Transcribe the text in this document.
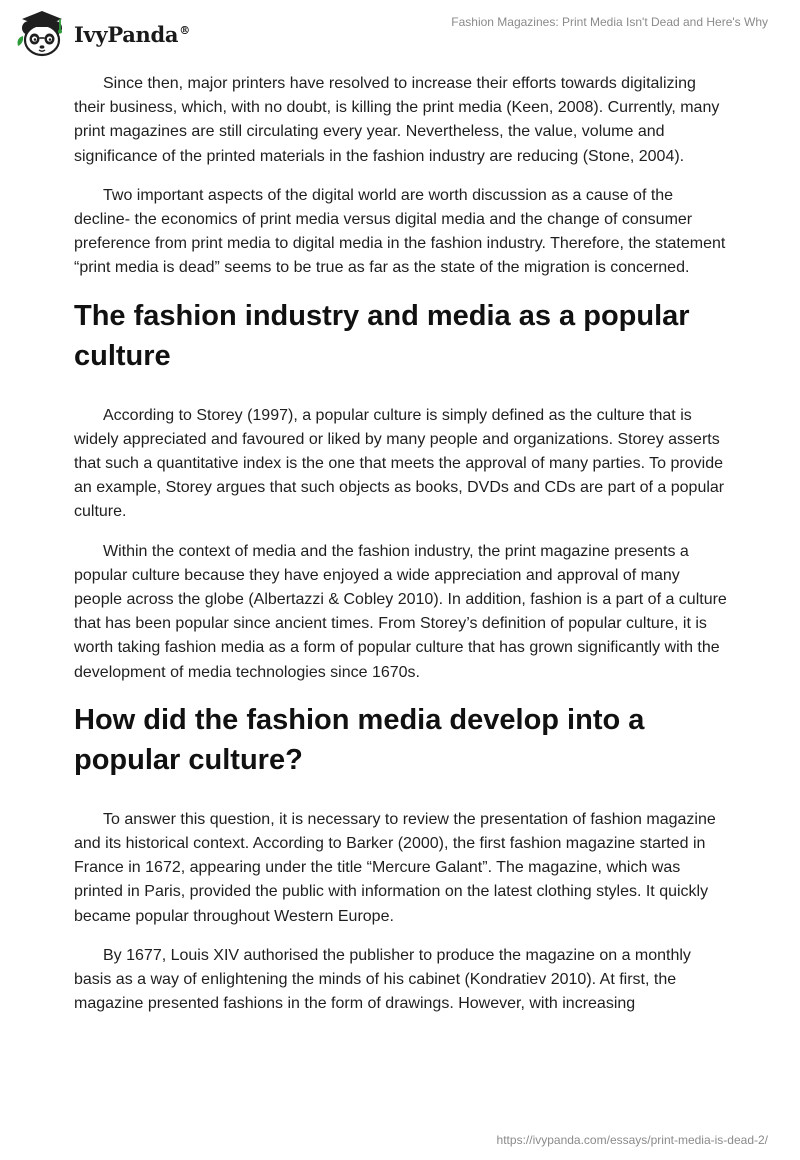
IvyPanda®
Fashion Magazines: Print Media Isn't Dead and Here's Why

Since then, major printers have resolved to increase their efforts towards digitalizing their business, which, with no doubt, is killing the print media (Keen, 2008). Currently, many print magazines are still circulating every year. Nevertheless, the value, volume and significance of the printed materials in the fashion industry are reducing (Stone, 2004).

Two important aspects of the digital world are worth discussion as a cause of the decline- the economics of print media versus digital media and the change of consumer preference from print media to digital media in the fashion industry. Therefore, the statement “print media is dead” seems to be true as far as the state of the migration is concerned.

The fashion industry and media as a popular culture

According to Storey (1997), a popular culture is simply defined as the culture that is widely appreciated and favoured or liked by many people and organizations. Storey asserts that such a quantitative index is the one that meets the approval of many parties. To provide an example, Storey argues that such objects as books, DVDs and CDs are part of a popular culture.

Within the context of media and the fashion industry, the print magazine presents a popular culture because they have enjoyed a wide appreciation and approval of many people across the globe (Albertazzi & Cobley 2010). In addition, fashion is a part of a culture that has been popular since ancient times. From Storey’s definition of popular culture, it is worth taking fashion media as a form of popular culture that has grown significantly with the development of media technologies since 1670s.

How did the fashion media develop into a popular culture?

To answer this question, it is necessary to review the presentation of fashion magazine and its historical context. According to Barker (2000), the first fashion magazine started in France in 1672, appearing under the title “Mercure Galant”. The magazine, which was printed in Paris, provided the public with information on the latest clothing styles. It quickly became popular throughout Western Europe.

By 1677, Louis XIV authorised the publisher to produce the magazine on a monthly basis as a way of enlightening the minds of his cabinet (Kondratiev 2010). At first, the magazine presented fashions in the form of drawings. However, with increasing

https://ivypanda.com/essays/print-media-is-dead-2/
